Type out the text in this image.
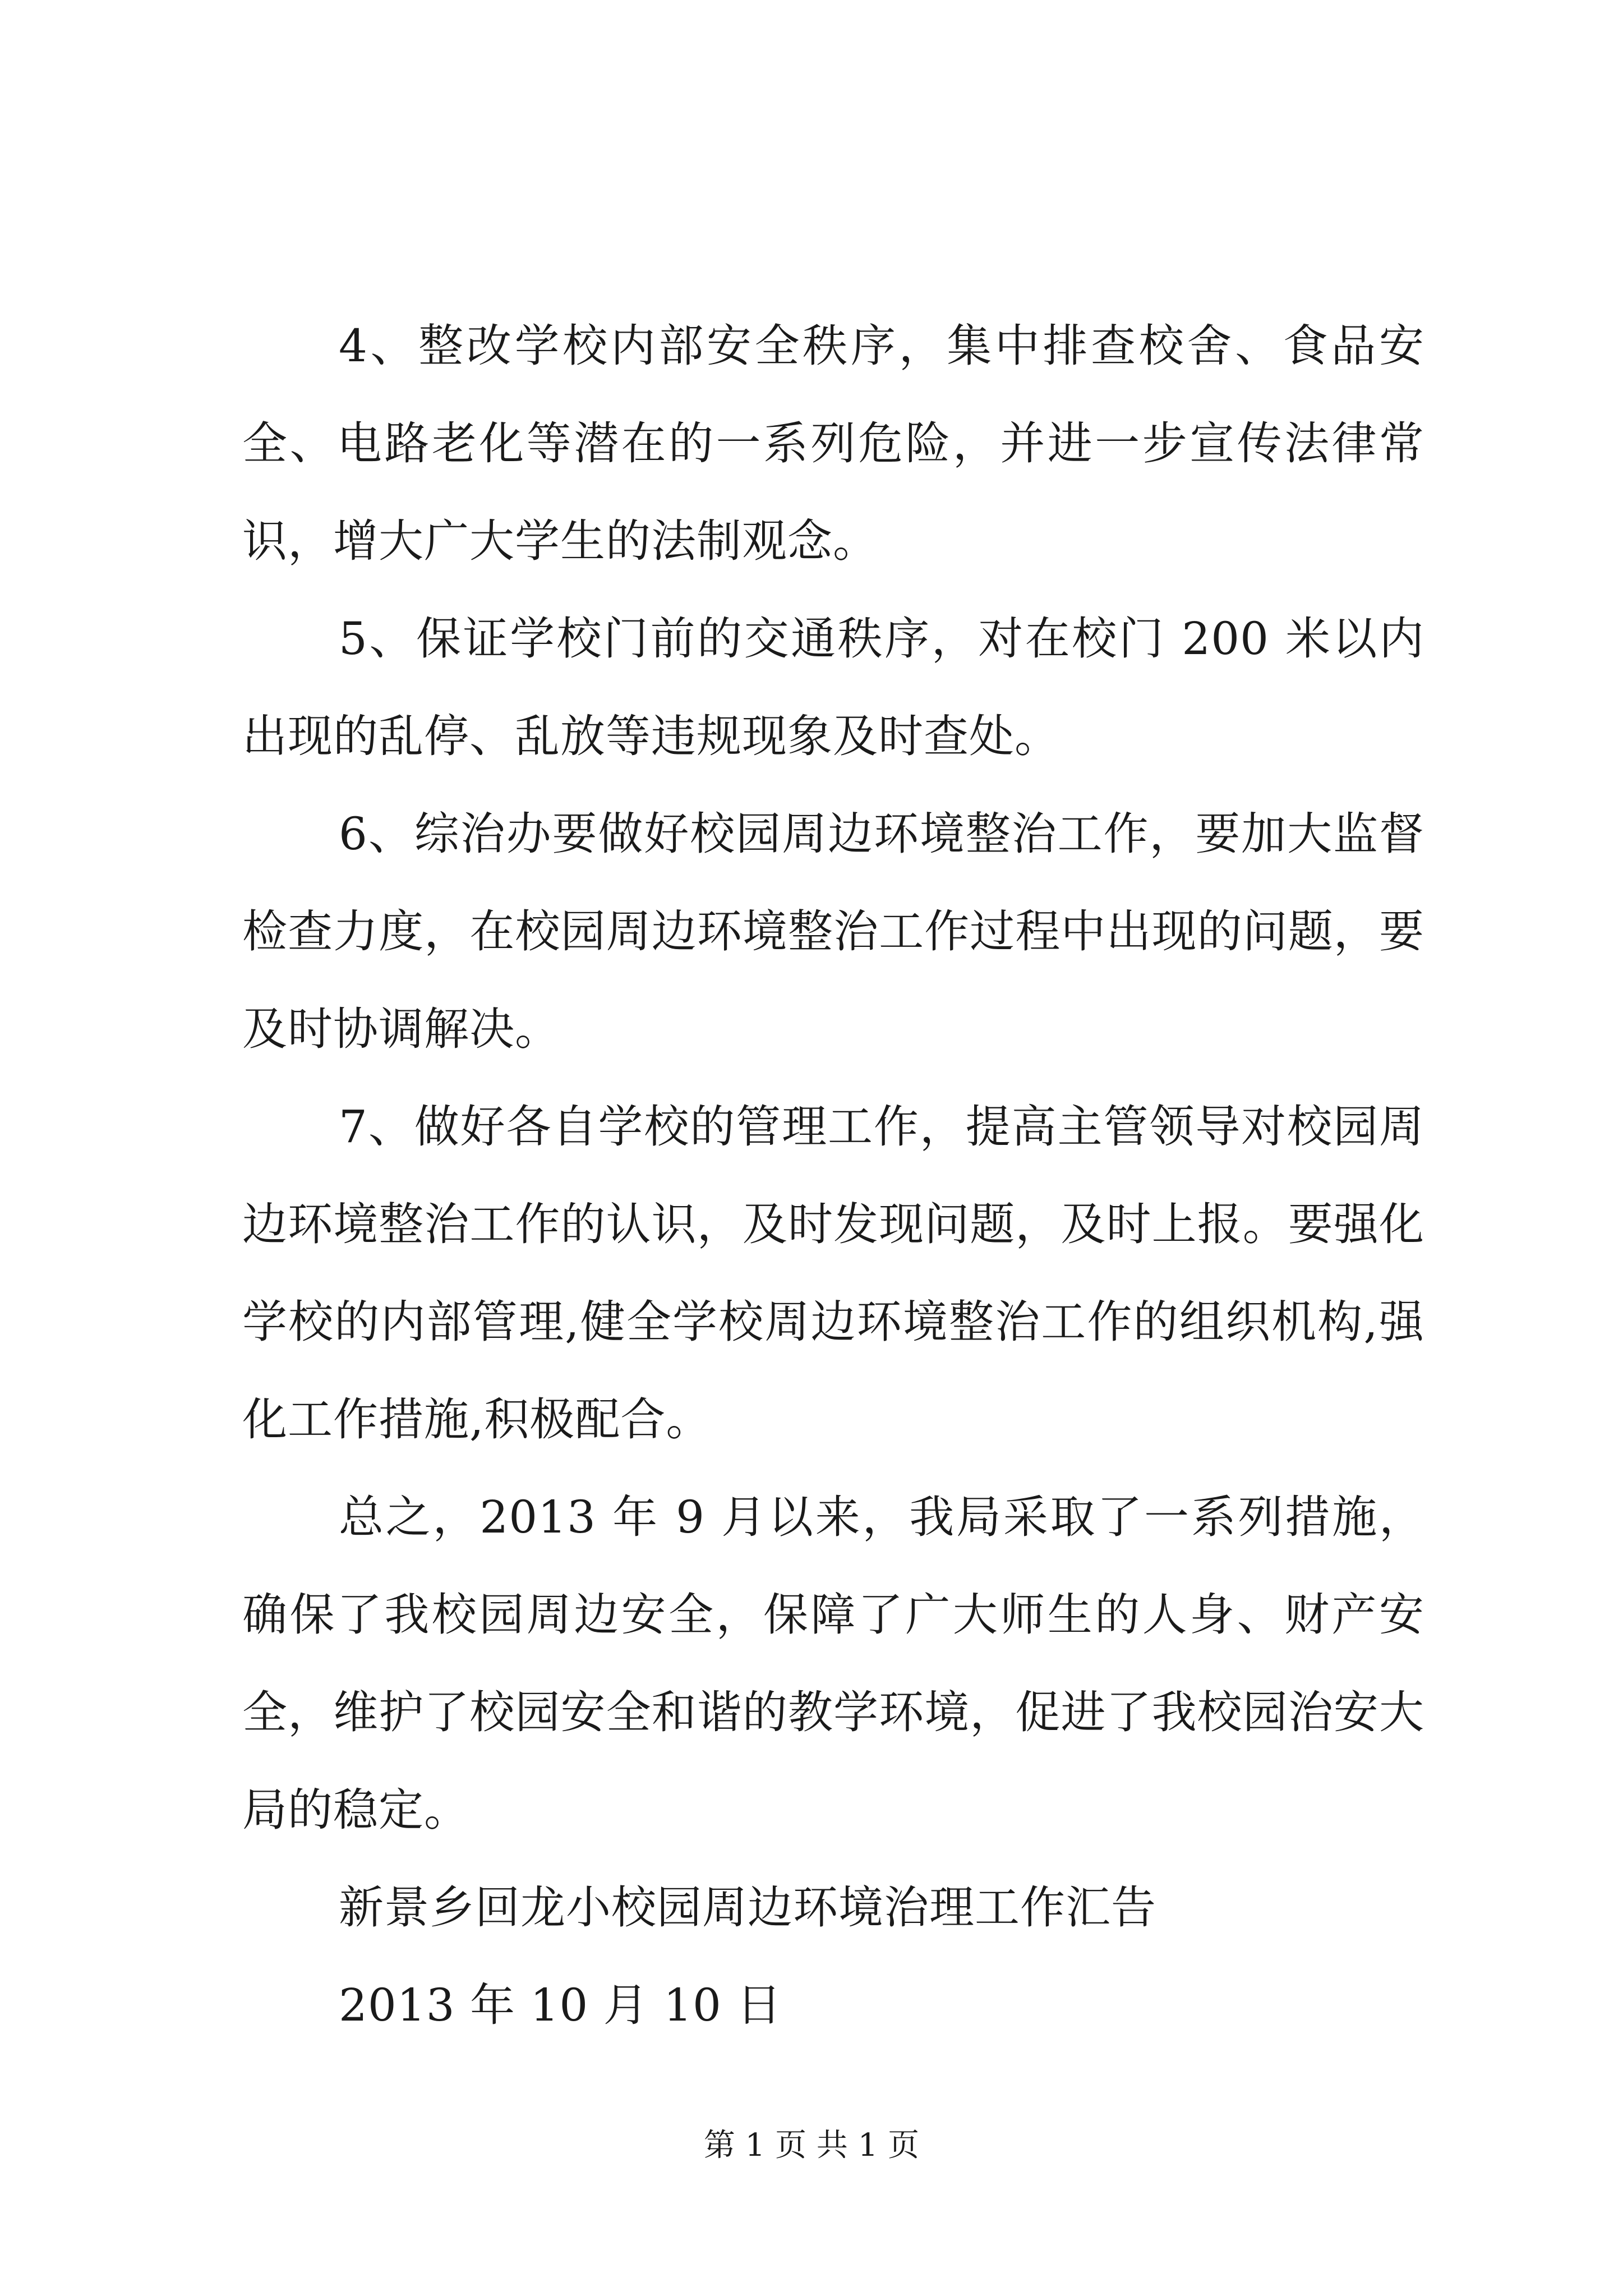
4、整改学校内部安全秩序，集中排查校舍、食品安全、电路老化等潜在的一系列危险，并进一步宣传法律常识，增大广大学生的法制观念。

5、保证学校门前的交通秩序，对在校门 200 米以内出现的乱停、乱放等违规现象及时查处。

6、综治办要做好校园周边环境整治工作，要加大监督检查力度，在校园周边环境整治工作过程中出现的问题，要及时协调解决。

7、做好各自学校的管理工作，提高主管领导对校园周边环境整治工作的认识，及时发现问题，及时上报。要强化学校的内部管理,健全学校周边环境整治工作的组织机构,强化工作措施,积极配合。

总之，2013 年 9 月以来，我局采取了一系列措施，确保了我校园周边安全，保障了广大师生的人身、财产安全，维护了校园安全和谐的教学环境，促进了我校园治安大局的稳定。

新景乡回龙小校园周边环境治理工作汇告

2013 年 10 月 10 日

第 1 页 共 1 页
